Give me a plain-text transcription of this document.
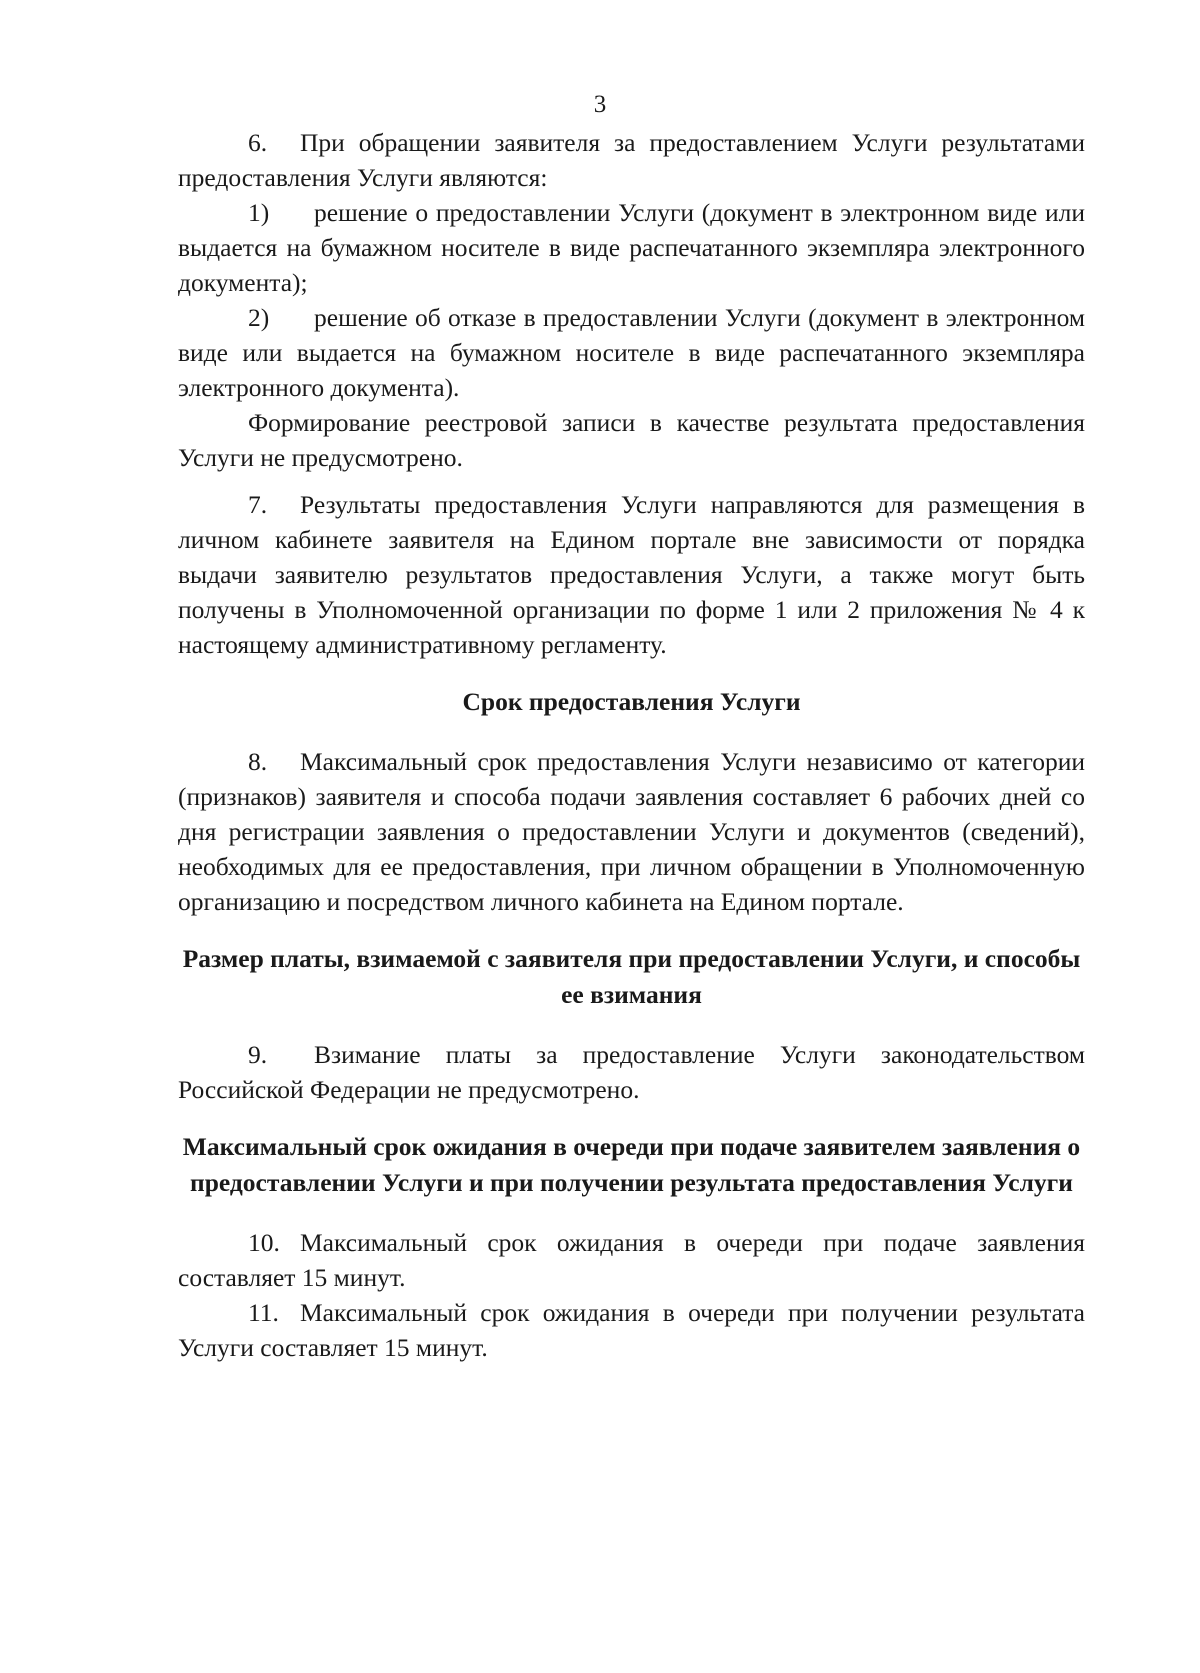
3

6. При обращении заявителя за предоставлением Услуги результатами предоставления Услуги являются:

1) решение о предоставлении Услуги (документ в электронном виде или выдается на бумажном носителе в виде распечатанного экземпляра электронного документа);

2) решение об отказе в предоставлении Услуги (документ в электронном виде или выдается на бумажном носителе в виде распечатанного экземпляра электронного документа).

Формирование реестровой записи в качестве результата предоставления Услуги не предусмотрено.

7. Результаты предоставления Услуги направляются для размещения в личном кабинете заявителя на Едином портале вне зависимости от порядка выдачи заявителю результатов предоставления Услуги, а также могут быть получены в Уполномоченной организации по форме 1 или 2 приложения № 4 к настоящему административному регламенту.

Срок предоставления Услуги

8. Максимальный срок предоставления Услуги независимо от категории (признаков) заявителя и способа подачи заявления составляет 6 рабочих дней со дня регистрации заявления о предоставлении Услуги и документов (сведений), необходимых для ее предоставления, при личном обращении в Уполномоченную организацию и посредством личного кабинета на Едином портале.

Размер платы, взимаемой с заявителя при предоставлении Услуги, и способы ее взимания

9. Взимание платы за предоставление Услуги законодательством Российской Федерации не предусмотрено.

Максимальный срок ожидания в очереди при подаче заявителем заявления о предоставлении Услуги и при получении результата предоставления Услуги

10. Максимальный срок ожидания в очереди при подаче заявления составляет 15 минут.

11. Максимальный срок ожидания в очереди при получении результата Услуги составляет 15 минут.
